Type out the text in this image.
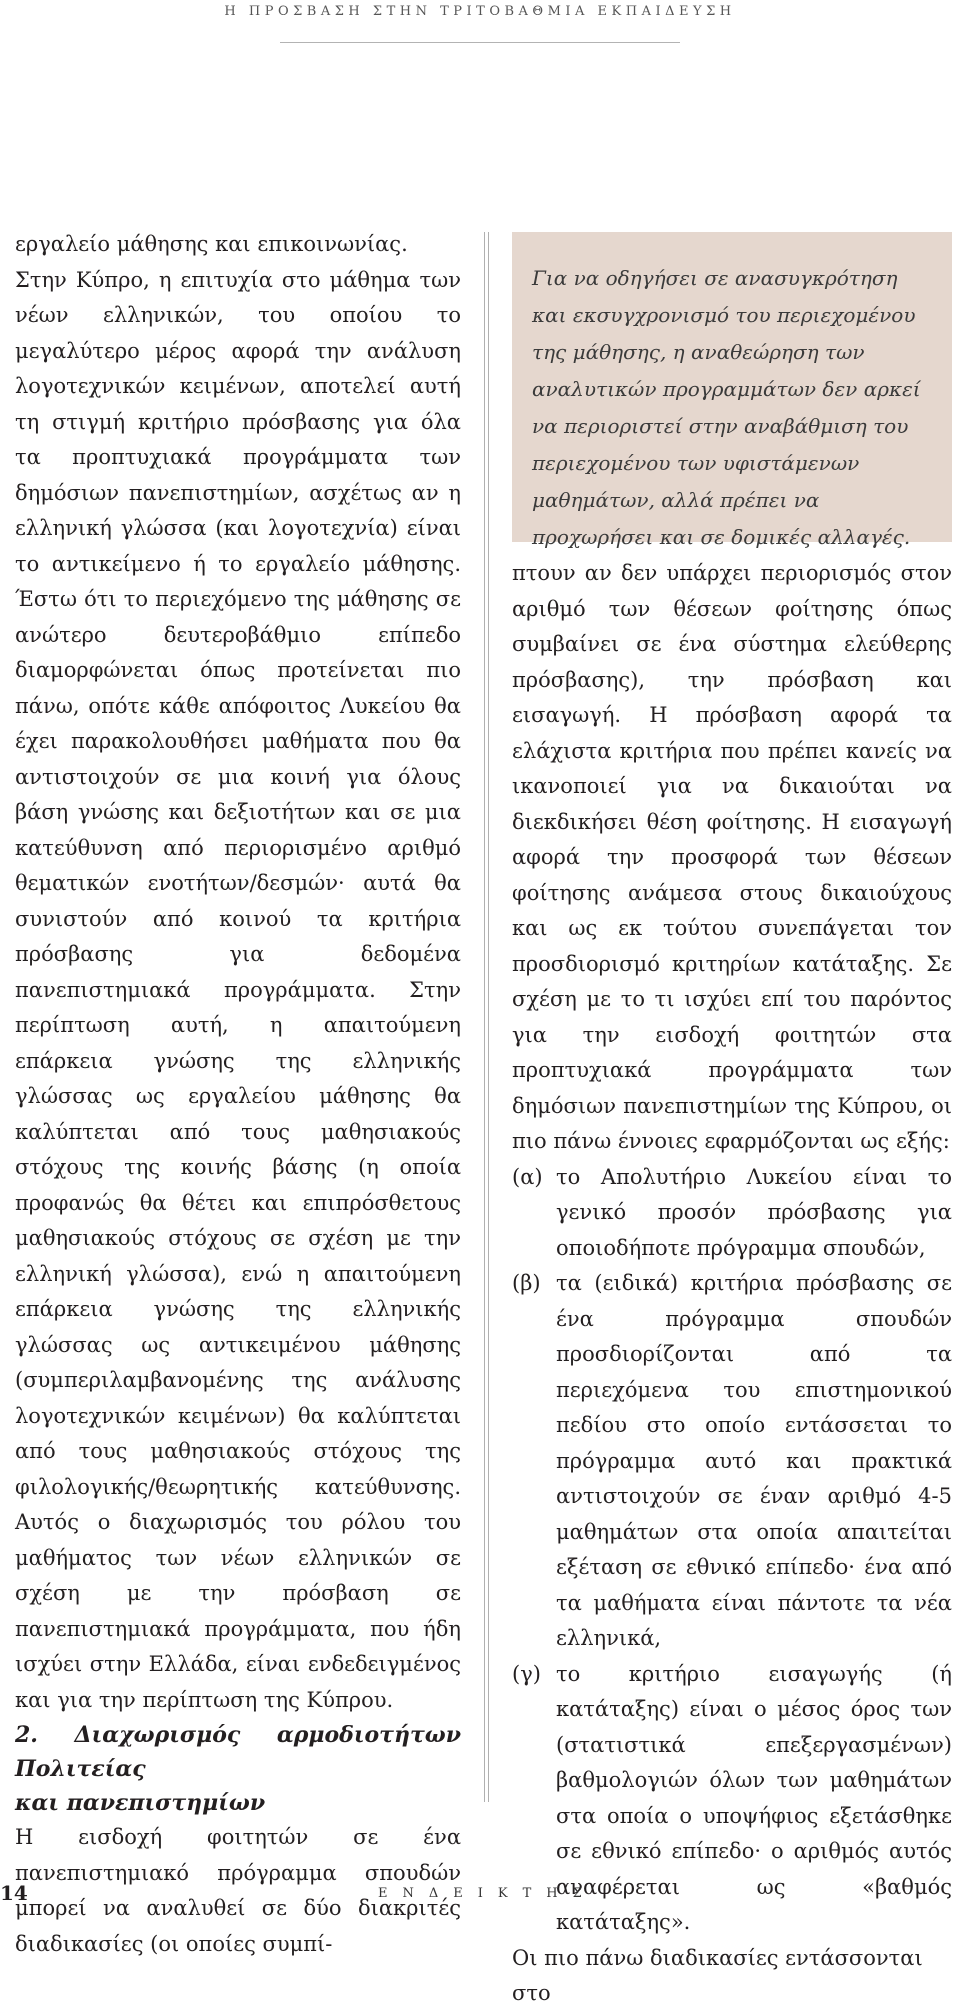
Η ΠΡΟΣΒΑΣΗ ΣΤΗΝ ΤΡΙΤΟΒΑΘΜΙΑ ΕΚΠΑΙΔΕΥΣΗ

εργαλείο μάθησης και επικοινωνίας.

Στην Κύπρο, η επιτυχία στο μάθημα των νέων ελληνικών, του οποίου το μεγαλύτερο μέρος αφορά την ανάλυση λογοτεχνικών κειμένων, αποτελεί αυτή τη στιγμή κριτήριο πρόσβασης για όλα τα προπτυχιακά προγράμματα των δημόσιων πανεπιστημίων, ασχέτως αν η ελληνική γλώσσα (και λογοτεχνία) είναι το αντικείμενο ή το εργαλείο μάθησης. Έστω ότι το περιεχόμενο της μάθησης σε ανώτερο δευτεροβάθμιο επίπεδο διαμορφώνεται όπως προτείνεται πιο πάνω, οπότε κάθε απόφοιτος Λυκείου θα έχει παρακολουθήσει μαθήματα που θα αντιστοιχούν σε μια κοινή για όλους βάση γνώσης και δεξιοτήτων και σε μια κατεύθυνση από περιορισμένο αριθμό θεματικών ενοτήτων/δεσμών· αυτά θα συνιστούν από κοινού τα κριτήρια πρόσβασης για δεδομένα πανεπιστημιακά προγράμματα. Στην περίπτωση αυτή, η απαιτούμενη επάρκεια γνώσης της ελληνικής γλώσσας ως εργαλείου μάθησης θα καλύπτεται από τους μαθησιακούς στόχους της κοινής βάσης (η οποία προφανώς θα θέτει και επιπρόσθετους μαθησιακούς στόχους σε σχέση με την ελληνική γλώσσα), ενώ η απαιτούμενη επάρκεια γνώσης της ελληνικής γλώσσας ως αντικειμένου μάθησης (συμπεριλαμβανομένης της ανάλυσης λογοτεχνικών κειμένων) θα καλύπτεται από τους μαθησιακούς στόχους της φιλολογικής/θεωρητικής κατεύθυνσης. Αυτός ο διαχωρισμός του ρόλου του μαθήματος των νέων ελληνικών σε σχέση με την πρόσβαση σε πανεπιστημιακά προγράμματα, που ήδη ισχύει στην Ελλάδα, είναι ενδεδειγμένος και για την περίπτωση της Κύπρου.

2. Διαχωρισμός αρμοδιοτήτων Πολιτείας
και πανεπιστημίων

Η εισδοχή φοιτητών σε ένα πανεπιστημιακό πρόγραμμα σπουδών μπορεί να αναλυθεί σε δύο διακριτές διαδικασίες (οι οποίες συμπί-

Για να οδηγήσει σε ανασυγκρότηση και εκσυγχρονισμό του περιεχομένου της μάθησης, η αναθεώρηση των αναλυτικών προγραμμάτων δεν αρκεί να περιοριστεί στην αναβάθμιση του περιεχομένου των υφιστάμενων μαθημάτων, αλλά πρέπει να προχωρήσει και σε δομικές αλλαγές.

πτουν αν δεν υπάρχει περιορισμός στον αριθμό των θέσεων φοίτησης όπως συμβαίνει σε ένα σύστημα ελεύθερης πρόσβασης), την πρόσβαση και εισαγωγή. Η πρόσβαση αφορά τα ελάχιστα κριτήρια που πρέπει κανείς να ικανοποιεί για να δικαιούται να διεκδικήσει θέση φοίτησης. Η εισαγωγή αφορά την προσφορά των θέσεων φοίτησης ανάμεσα στους δικαιούχους και ως εκ τούτου συνεπάγεται τον προσδιορισμό κριτηρίων κατάταξης. Σε σχέση με το τι ισχύει επί του παρόντος για την εισδοχή φοιτητών στα προπτυχιακά προγράμματα των δημόσιων πανεπιστημίων της Κύπρου, οι πιο πάνω έννοιες εφαρμόζονται ως εξής:

(α) το Απολυτήριο Λυκείου είναι το γενικό προσόν πρόσβασης για οποιοδήποτε πρόγραμμα σπουδών,
(β) τα (ειδικά) κριτήρια πρόσβασης σε ένα πρόγραμμα σπουδών προσδιορίζονται από τα περιεχόμενα του επιστημονικού πεδίου στο οποίο εντάσσεται το πρόγραμμα αυτό και πρακτικά αντιστοιχούν σε έναν αριθμό 4-5 μαθημάτων στα οποία απαιτείται εξέταση σε εθνικό επίπεδο· ένα από τα μαθήματα είναι πάντοτε τα νέα ελληνικά,
(γ) το κριτήριο εισαγωγής (ή κατάταξης) είναι ο μέσος όρος των (στατιστικά επεξεργασμένων) βαθμολογιών όλων των μαθημάτων στα οποία ο υποψήφιος εξετάσθηκε σε εθνικό επίπεδο· ο αριθμός αυτός αναφέρεται ως «βαθμός κατάταξης».

Οι πιο πάνω διαδικασίες εντάσσονται στο

14	ΕΝΔΕΙΚΤΗΣ
